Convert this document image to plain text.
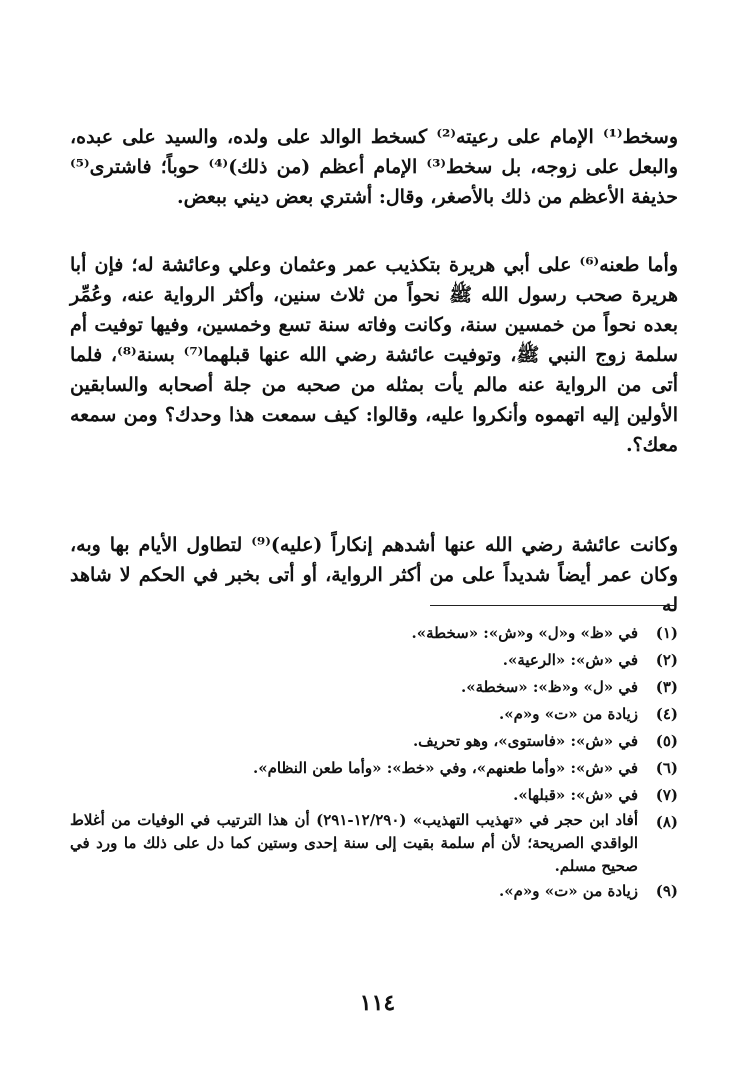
وسخط⁽¹⁾ الإمام على رعيته⁽²⁾ كسخط الوالد على ولده، والسيد على عبده، والبعل على زوجه، بل سخط⁽³⁾ الإمام أعظم (من ذلك)⁽⁴⁾ حوباً؛ فاشترى⁽⁵⁾ حذيفة الأعظم من ذلك بالأصغر، وقال: أشتري بعض ديني ببعض.

وأما طعنه⁽⁶⁾ على أبي هريرة بتكذيب عمر وعثمان وعلي وعائشة له؛ فإن أبا هريرة صحب رسول الله ﷺ نحواً من ثلاث سنين، وأكثر الرواية عنه، وعُمِّر بعده نحواً من خمسين سنة، وكانت وفاته سنة تسع وخمسين، وفيها توفيت أم سلمة زوج النبي ﷺ، وتوفيت عائشة رضي الله عنها قبلهما⁽⁷⁾ بسنة⁽⁸⁾، فلما أتى من الرواية عنه مالم يأت بمثله من صحبه من جلة أصحابه والسابقين الأولين إليه اتهموه وأنكروا عليه، وقالوا: كيف سمعت هذا وحدك؟ ومن سمعه معك؟.

وكانت عائشة رضي الله عنها أشدهم إنكاراً (عليه)⁽⁹⁾ لتطاول الأيام بها وبه، وكان عمر أيضاً شديداً على من أكثر الرواية، أو أتى بخبر في الحكم لا شاهد له

(١)
في «ظ» و«ل» و«ش»: «سخطة».
(٢)
في «ش»: «الرعية».
(٣)
في «ل» و«ظ»: «سخطة».
(٤)
زيادة من «ت» و«م».
(٥)
في «ش»: «فاستوى»، وهو تحريف.
(٦)
في «ش»: «وأما طعنهم»، وفي «خط»: «وأما طعن النظام».
(٧)
في «ش»: «قبلها».
(٨)
أفاد ابن حجر في «تهذيب التهذيب» (١٢/٢٩٠-٢٩١) أن هذا الترتيب في الوفيات من أغلاط الواقدي الصريحة؛ لأن أم سلمة بقيت إلى سنة إحدى وستين كما دل على ذلك ما ورد في صحيح مسلم.
(٩)
زيادة من «ت» و«م».
١١٤
